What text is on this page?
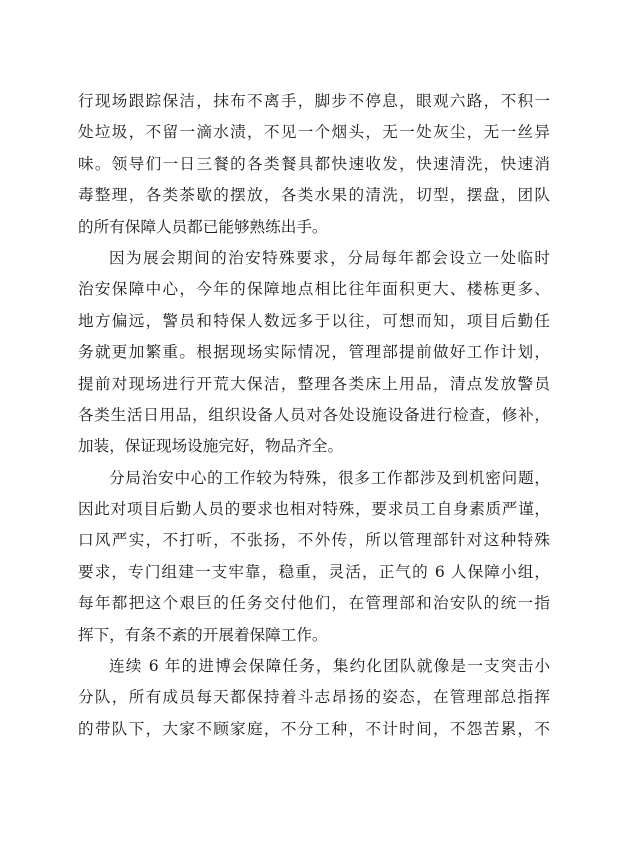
行现场跟踪保洁，抹布不离手，脚步不停息，眼观六路，不积一
处垃圾，不留一滴水渍，不见一个烟头，无一处灰尘，无一丝异
味。领导们一日三餐的各类餐具都快速收发，快速清洗，快速消
毒整理，各类茶歇的摆放，各类水果的清洗，切型，摆盘，团队
的所有保障人员都已能够熟练出手。
因为展会期间的治安特殊要求，分局每年都会设立一处临时
治安保障中心，今年的保障地点相比往年面积更大、楼栋更多、
地方偏远，警员和特保人数远多于以往，可想而知，项目后勤任
务就更加繁重。根据现场实际情况，管理部提前做好工作计划，
提前对现场进行开荒大保洁，整理各类床上用品，清点发放警员
各类生活日用品，组织设备人员对各处设施设备进行检查，修补，
加装，保证现场设施完好，物品齐全。
分局治安中心的工作较为特殊，很多工作都涉及到机密问题，
因此对项目后勤人员的要求也相对特殊，要求员工自身素质严谨，
口风严实，不打听，不张扬，不外传，所以管理部针对这种特殊
要求，专门组建一支牢靠，稳重，灵活，正气的 6 人保障小组，
每年都把这个艰巨的任务交付他们，在管理部和治安队的统一指
挥下，有条不紊的开展着保障工作。
连续 6 年的进博会保障任务，集约化团队就像是一支突击小
分队，所有成员每天都保持着斗志昂扬的姿态，在管理部总指挥
的带队下，大家不顾家庭，不分工种，不计时间，不怨苦累，不
